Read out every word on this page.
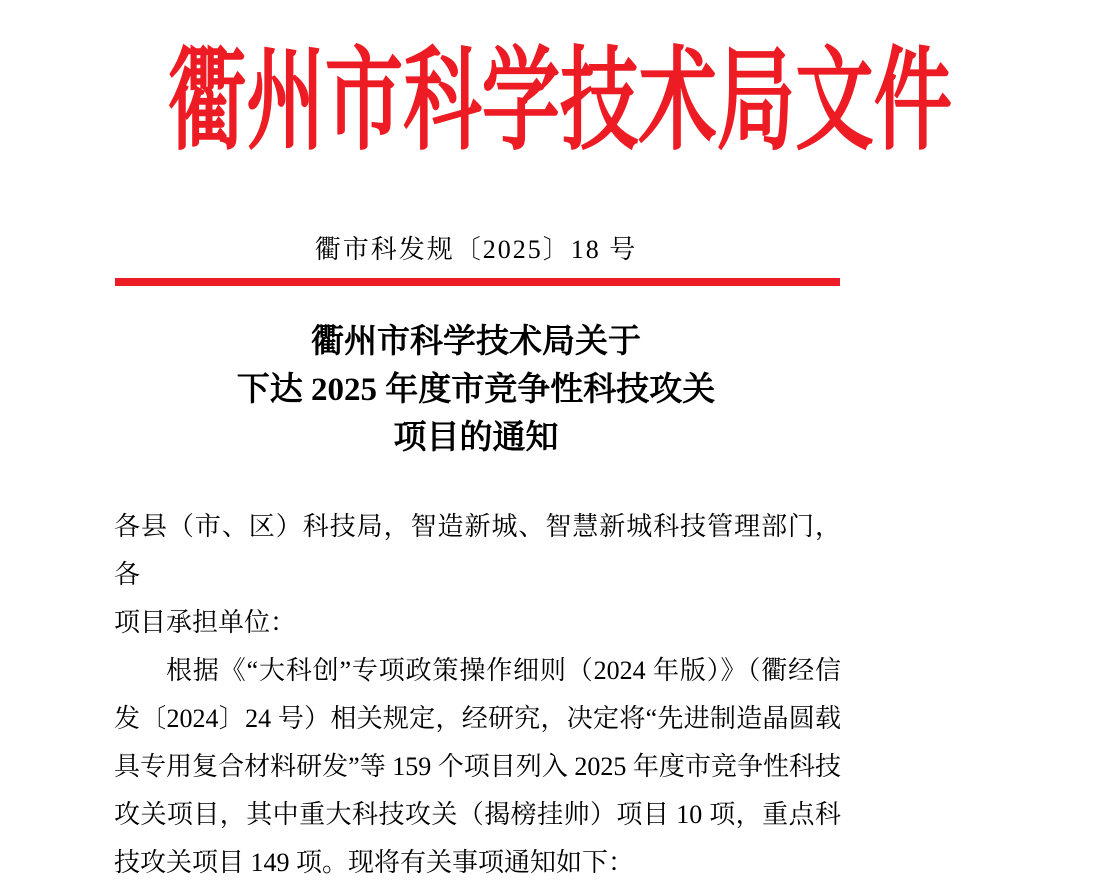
衢州市科学技术局文件
衢市科发规〔2025〕18 号
衢州市科学技术局关于
下达 2025 年度市竞争性科技攻关
项目的通知
各县（市、区）科技局，智造新城、智慧新城科技管理部门，各
项目承担单位：
根据《“大科创”专项政策操作细则（2024 年版）》（衢经信
发〔2024〕24 号）相关规定，经研究，决定将“先进制造晶圆载
具专用复合材料研发”等 159 个项目列入 2025 年度市竞争性科技
攻关项目，其中重大科技攻关（揭榜挂帅）项目 10 项，重点科
技攻关项目 149 项。现将有关事项通知如下：
